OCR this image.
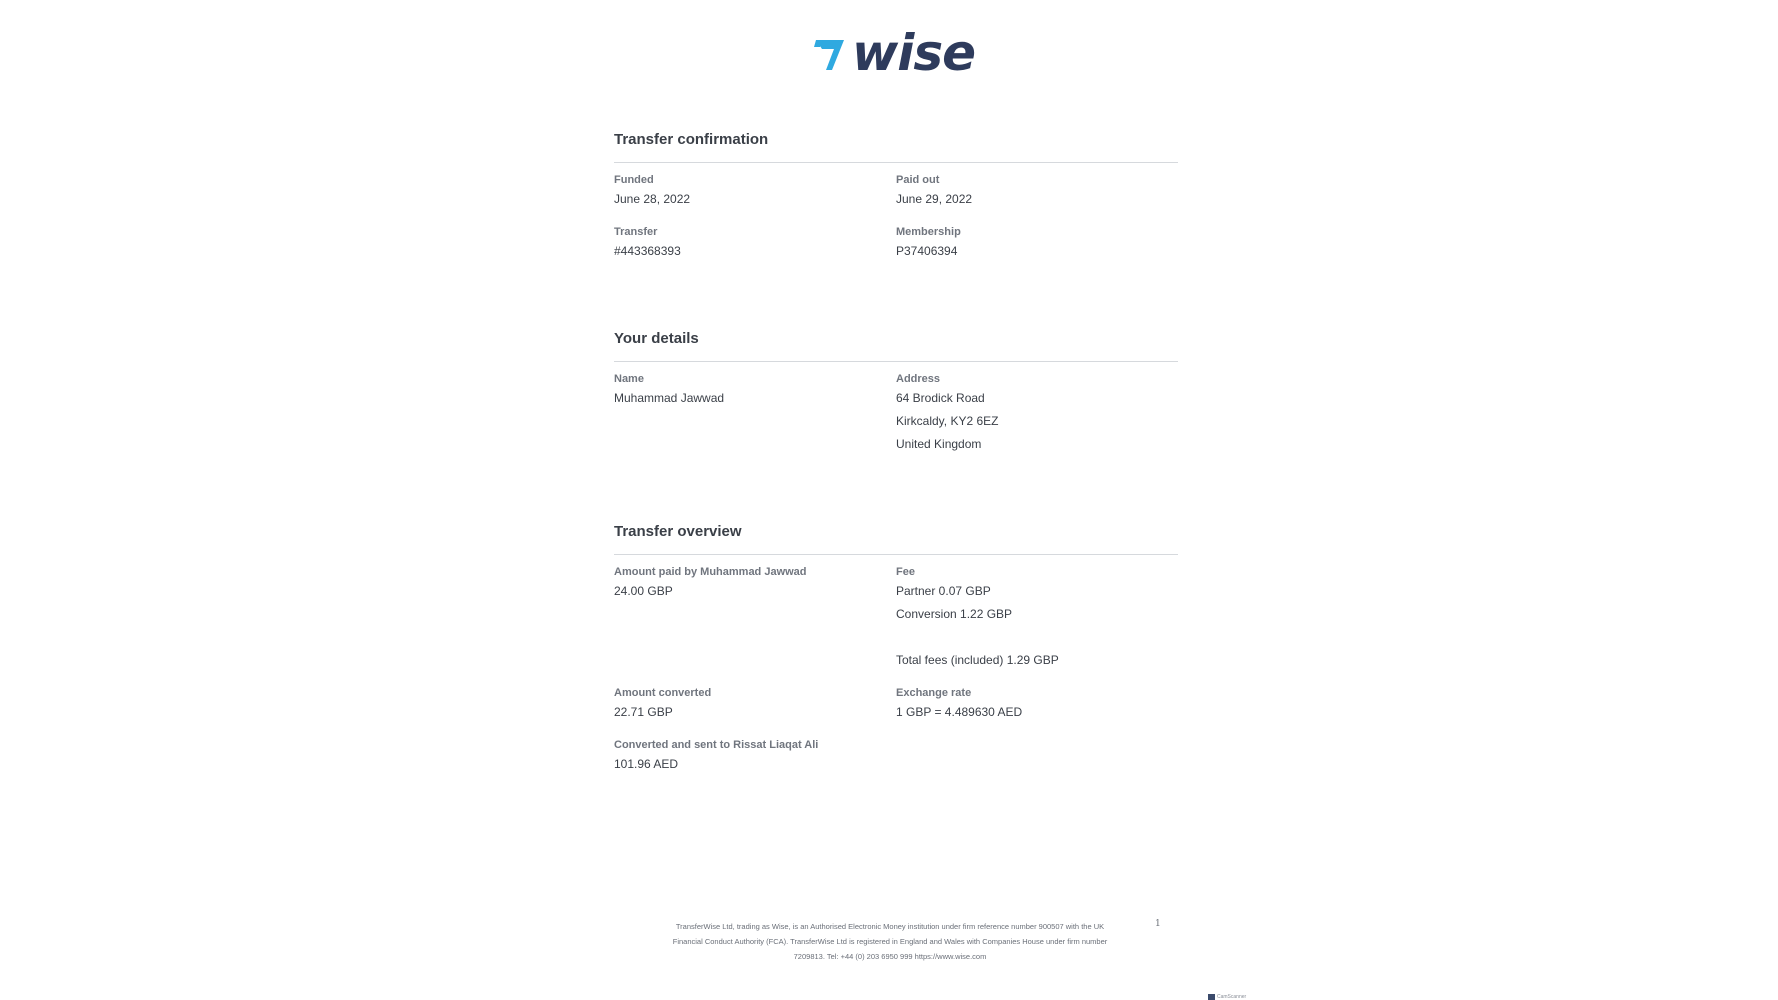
wise
Transfer confirmation
Funded
June 28, 2022
Paid out
June 29, 2022
Transfer
#443368393
Membership
P37406394
Your details
Name
Muhammad Jawwad
Address
64 Brodick Road
Kirkcaldy, KY2 6EZ
United Kingdom
Transfer overview
Amount paid by Muhammad Jawwad
24.00 GBP
Fee
Partner 0.07 GBP
Conversion 1.22 GBP
Total fees (included) 1.29 GBP
Amount converted
22.71 GBP
Exchange rate
1 GBP = 4.489630 AED
Converted and sent to Rissat Liaqat Ali
101.96 AED
TransferWise Ltd, trading as Wise, is an Authorised Electronic Money institution under firm reference number 900507 with the UK
Financial Conduct Authority (FCA). TransferWise Ltd is registered in England and Wales with Companies House under firm number
7209813. Tel: +44 (0) 203 6950 999 https://www.wise.com
1
CamScanner
